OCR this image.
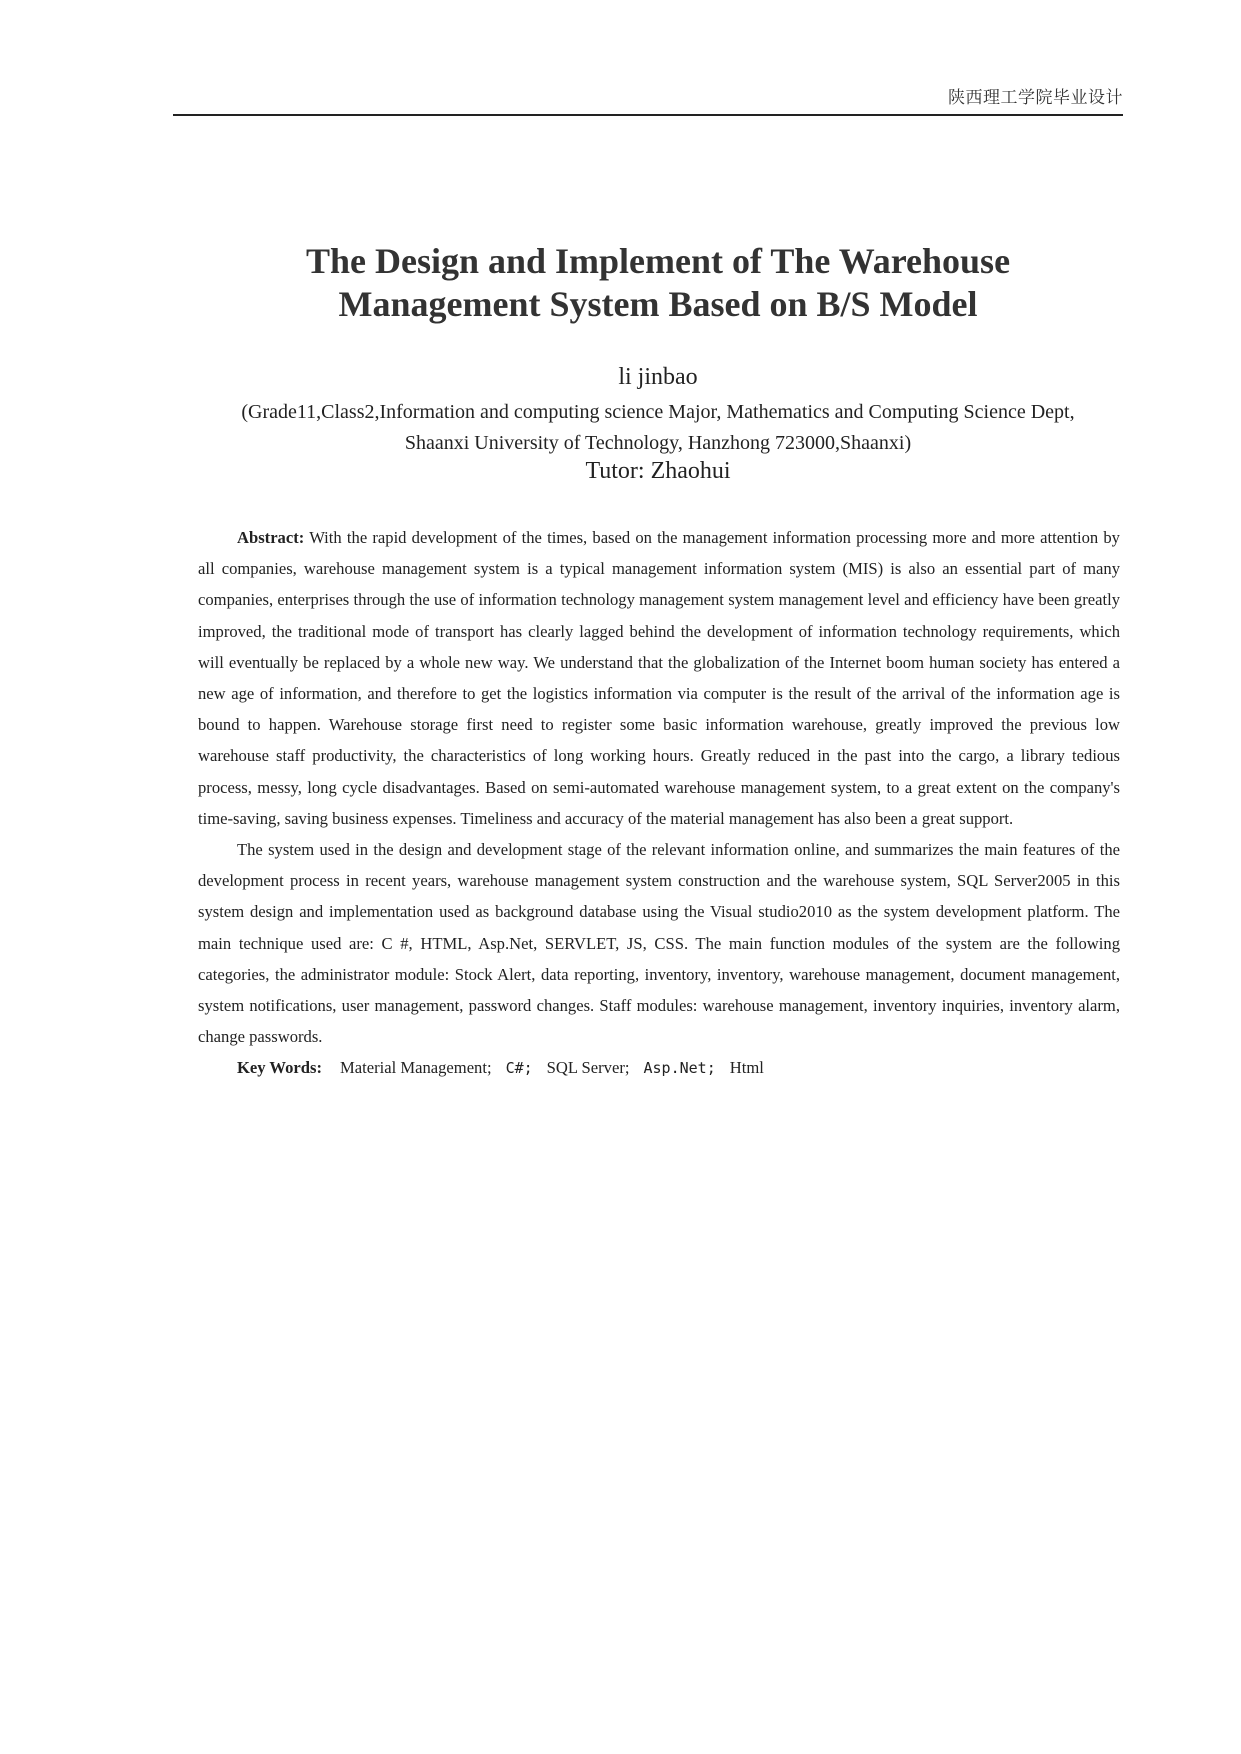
陕西理工学院毕业设计
The Design and Implement of The Warehouse
Management System Based on B/S Model
li jinbao
(Grade11,Class2,Information and computing science Major, Mathematics and Computing Science Dept,
Shaanxi University of Technology, Hanzhong 723000,Shaanxi)
Tutor: Zhaohui

Abstract: With the rapid development of the times, based on the management information processing more and more attention by all companies, warehouse management system is a typical management information system (MIS) is also an essential part of many companies, enterprises through the use of information technology management system management level and efficiency have been greatly improved, the traditional mode of transport has clearly lagged behind the development of information technology requirements, which will eventually be replaced by a whole new way. We understand that the globalization of the Internet boom human society has entered a new age of information, and therefore to get the logistics information via computer is the result of the arrival of the information age is bound to happen. Warehouse storage first need to register some basic information warehouse, greatly improved the previous low warehouse staff productivity, the characteristics of long working hours. Greatly reduced in the past into the cargo, a library tedious process, messy, long cycle disadvantages. Based on semi-automated warehouse management system, to a great extent on the company's time-saving, saving business expenses. Timeliness and accuracy of the material management has also been a great support.

The system used in the design and development stage of the relevant information online, and summarizes the main features of the development process in recent years, warehouse management system construction and the warehouse system, SQL Server2005 in this system design and implementation used as background database using the Visual studio2010 as the system development platform. The main technique used are: C #, HTML, Asp.Net, SERVLET, JS, CSS. The main function modules of the system are the following categories, the administrator module: Stock Alert, data reporting, inventory, inventory, warehouse management, document management, system notifications, user management, password changes. Staff modules: warehouse management, inventory inquiries, inventory alarm, change passwords.

Key Words: Material Management; C#; SQL Server; Asp.Net; Html
